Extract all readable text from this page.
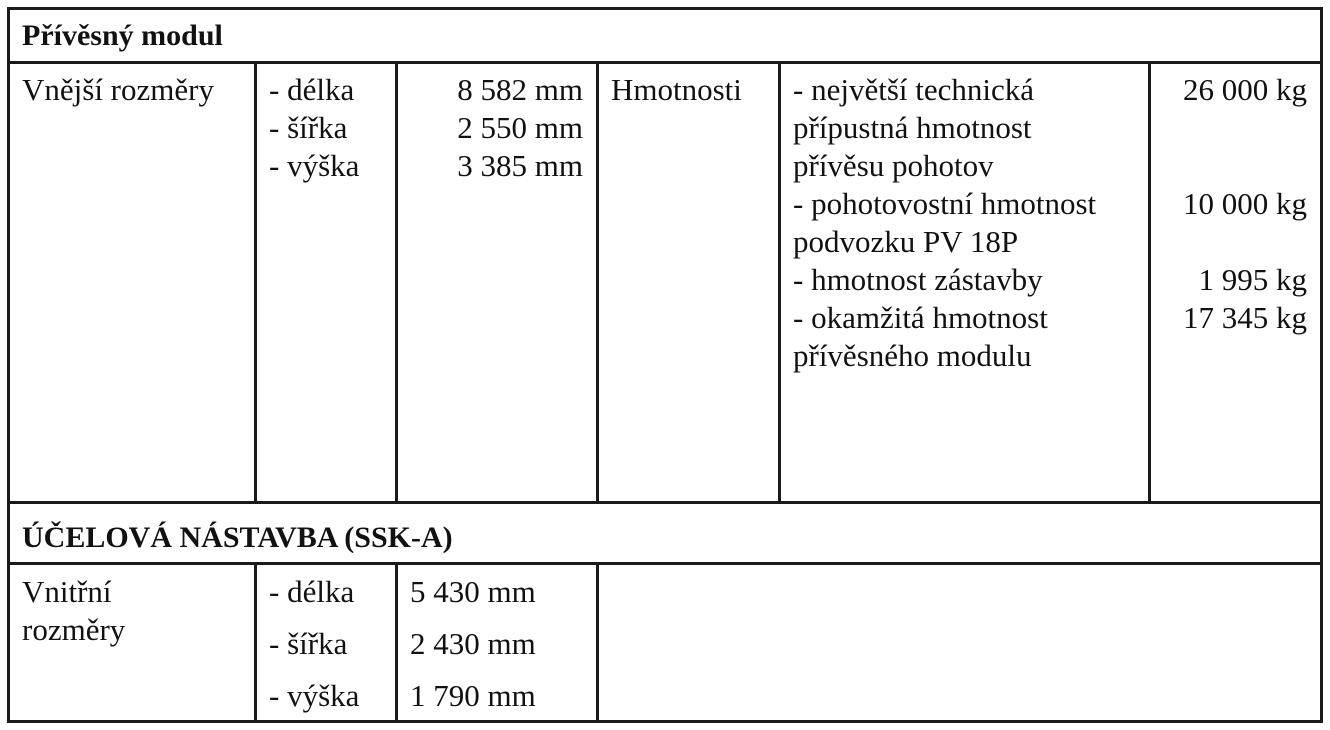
Přívěsný modul
Vnější rozměry - délka
- šířka
- výška
8 582 mm
2 550 mm
3 385 mm
Hmotnosti - největší technická
přípustná hmotnost
přívěsu pohotov
- pohotovostní hmotnost
podvozku PV 18P
- hmotnost zástavby
- okamžitá hmotnost
přívěsného modulu
26 000 kg
10 000 kg
1 995 kg
17 345 kg
ÚČELOVÁ NÁSTAVBA (SSK-A)
Vnitřní
rozměry
- délka
- šířka
- výška
5 430 mm
2 430 mm
1 790 mm
